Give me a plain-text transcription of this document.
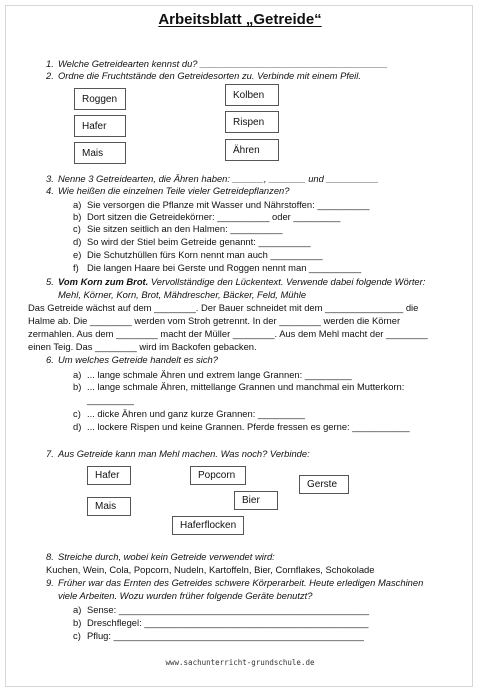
Arbeitsblatt „Getreide“
1. Welche Getreidearten kennst du? ____________________________________
2. Ordne die Fruchtstände den Getreidesorten zu. Verbinde mit einem Pfeil.
Roggen
Hafer
Mais
Kolben
Rispen
Ähren
3. Nenne 3 Getreidearten, die Ähren haben: ______, _______ und __________
4. Wie heißen die einzelnen Teile vieler Getreidepflanzen?
a) Sie versorgen die Pflanze mit Wasser und Nährstoffen: __________
b) Dort sitzen die Getreidekörner: __________ oder _________
c) Sie sitzen seitlich an den Halmen: __________
d) So wird der Stiel beim Getreide genannt: __________
e) Die Schutzhüllen fürs Korn nennt man auch __________
f) Die langen Haare bei Gerste und Roggen nennt man __________
5. Vom Korn zum Brot. Vervollständige den Lückentext. Verwende dabei folgende Wörter:
Mehl, Körner, Korn, Brot, Mähdrescher, Bäcker, Feld, Mühle
Das Getreide wächst auf dem ________. Der Bauer schneidet mit dem _______________ die
Halme ab. Die ________ werden vom Stroh getrennt. In der ________ werden die Körner
zermahlen. Aus dem ________ macht der Müller ________. Aus dem Mehl macht der ________
einen Teig. Das ________ wird im Backofen gebacken.
6. Um welches Getreide handelt es sich?
a) ... lange schmale Ähren und extrem lange Grannen: _________
b) ... lange schmale Ähren, mittellange Grannen und manchmal ein Mutterkorn:
_________
c) ... dicke Ähren und ganz kurze Grannen: _________
d) ... lockere Rispen und keine Grannen. Pferde fressen es gerne: ___________
7. Aus Getreide kann man Mehl machen. Was noch? Verbinde:
Hafer	Popcorn
Gerste
Bier
Mais
Haferflocken
8. Streiche durch, wobei kein Getreide verwendet wird:
Kuchen, Wein, Cola, Popcorn, Nudeln, Kartoffeln, Bier, Cornflakes, Schokolade
9. Früher war das Ernten des Getreides schwere Körperarbeit. Heute erledigen Maschinen
viele Arbeiten. Wozu wurden früher folgende Geräte benutzt?
a) Sense: ________________________________________________
b) Dreschflegel: ___________________________________________
c) Pflug: ________________________________________________
www.sachunterricht-grundschule.de
